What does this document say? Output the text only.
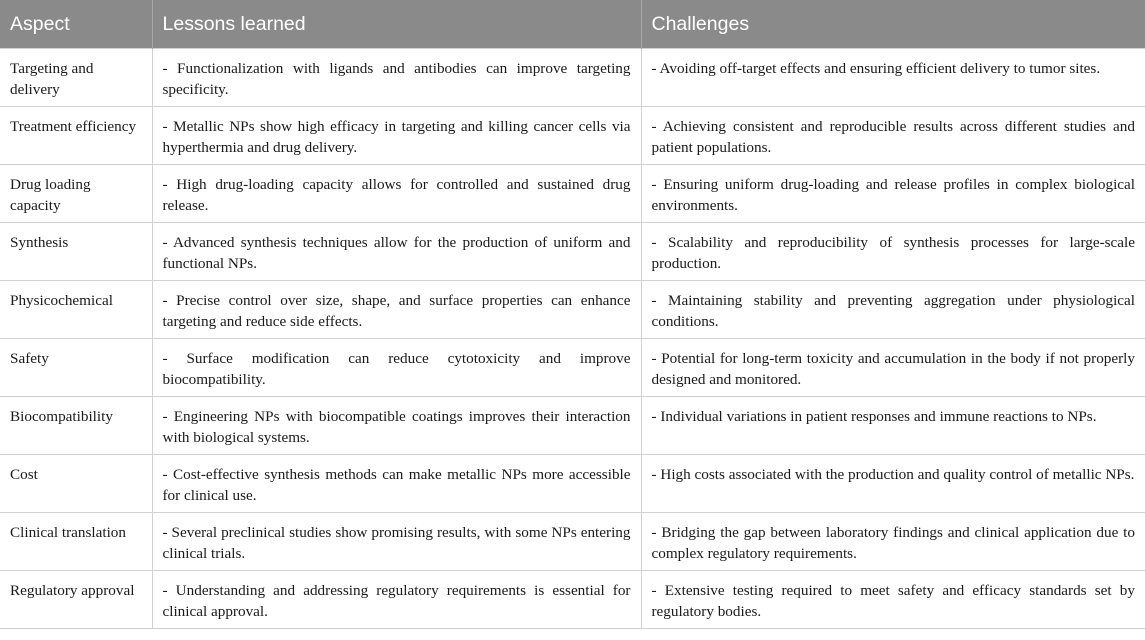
Aspect	Lessons learned	Challenges
Targeting and delivery	- Functionalization with ligands and antibodies can improve targeting specificity.	- Avoiding off-target effects and ensuring efficient delivery to tumor sites.
Treatment efficiency	- Metallic NPs show high efficacy in targeting and killing cancer cells via hyperthermia and drug delivery.	- Achieving consistent and reproducible results across different studies and patient populations.
Drug loading capacity	- High drug-loading capacity allows for controlled and sustained drug release.	- Ensuring uniform drug-loading and release profiles in complex biological environments.
Synthesis	- Advanced synthesis techniques allow for the production of uniform and functional NPs.	- Scalability and reproducibility of synthesis processes for large-scale production.
Physicochemical	- Precise control over size, shape, and surface properties can enhance targeting and reduce side effects.	- Maintaining stability and preventing aggregation under physiological conditions.
Safety	- Surface modification can reduce cytotoxicity and improve biocompatibility.	- Potential for long-term toxicity and accumulation in the body if not properly designed and monitored.
Biocompatibility	- Engineering NPs with biocompatible coatings improves their interaction with biological systems.	- Individual variations in patient responses and immune reactions to NPs.
Cost	- Cost-effective synthesis methods can make metallic NPs more accessible for clinical use.	- High costs associated with the production and quality control of metallic NPs.
Clinical translation	- Several preclinical studies show promising results, with some NPs entering clinical trials.	- Bridging the gap between laboratory findings and clinical application due to complex regulatory requirements.
Regulatory approval	- Understanding and addressing regulatory requirements is essential for clinical approval.	- Extensive testing required to meet safety and efficacy standards set by regulatory bodies.
